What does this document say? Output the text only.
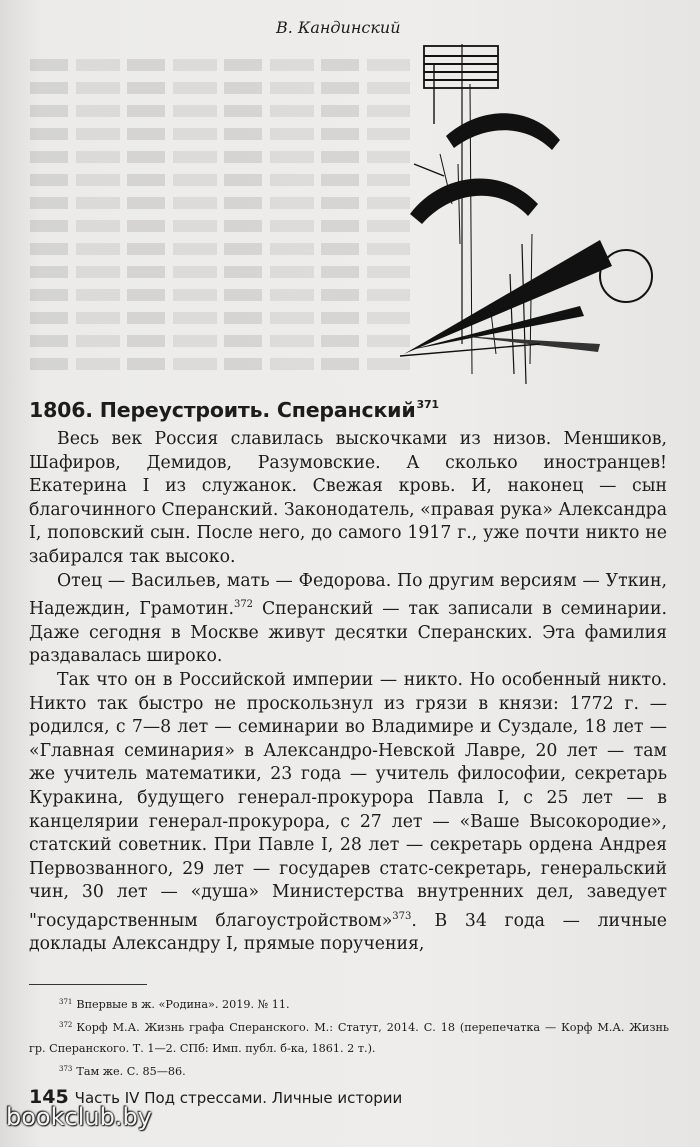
В. Кандинский
1806. Переустроить. Сперанский$^{371}$

Весь век Россия славилась выскочками из низов. Меншиков, Шафиров, Демидов, Разумовские. А сколько иностранцев! Екатерина I из служанок. Свежая кровь. И, наконец — сын благочинного Сперанский. Законодатель, «правая рука» Александра I, поповский сын. После него, до самого 1917 г., уже почти никто не забирался так высоко.

Отец — Васильев, мать — Федорова. По другим версиям — Уткин, Надеждин, Грамотин.$^{372}$ Сперанский — так записали в семинарии. Даже сегодня в Москве живут десятки Сперанских. Эта фамилия раздавалась широко.

Так что он в Российской империи — никто. Но особенный никто. Никто так быстро не проскользнул из грязи в князи: 1772 г. — родился, с 7—8 лет — семинарии во Владимире и Суздале, 18 лет — «Главная семинария» в Александро-Невской Лавре, 20 лет — там же учитель математики, 23 года — учитель философии, секретарь Куракина, будущего генерал-прокурора Павла I, с 25 лет — в канцелярии генерал-прокурора, с 27 лет — «Ваше Высокородие», статский советник. При Павле I, 28 лет — секретарь ордена Андрея Первозванного, 29 лет — государев статс-секретарь, генеральский чин, 30 лет — «душа» Министерства внутренних дел, заведует "государственным благоустройством»$^{373}$. В 34 года — личные доклады Александру I, прямые поручения,

$^{371}$ Впервые в ж. «Родина». 2019. № 11.
$^{372}$ Корф М.А. Жизнь графа Сперанского. М.: Статут, 2014. С. 18 (перепечатка — Корф М.А. Жизнь гр. Сперанского. Т. 1—2. СПб: Имп. публ. б-ка, 1861. 2 т.).
$^{373}$ Там же. С. 85—86.
145 Часть IV Под стрессами. Личные истории
bookclub.by
